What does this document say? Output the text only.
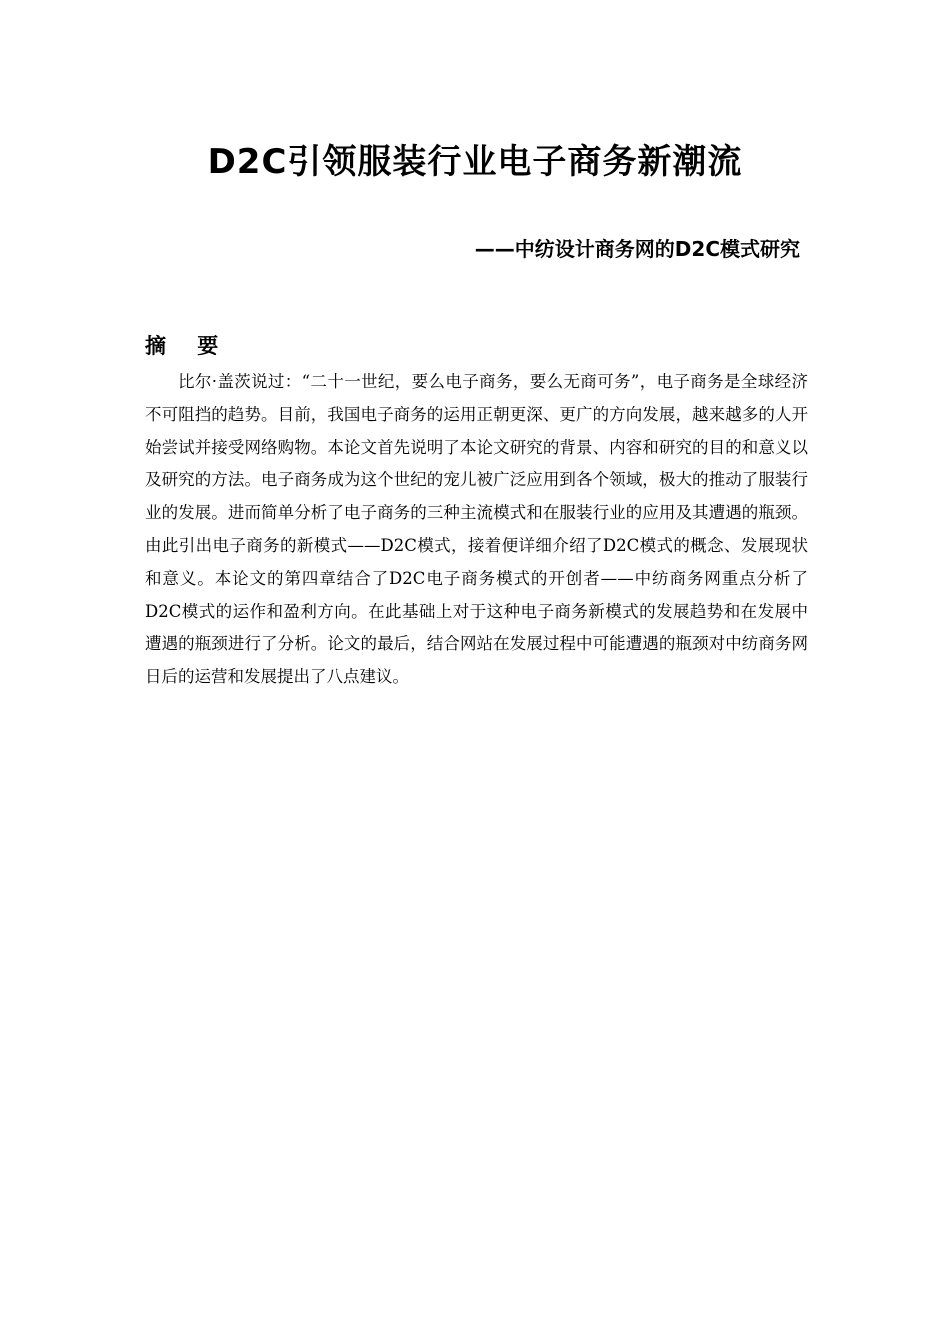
D2C引领服装行业电子商务新潮流
——中纺设计商务网的D2C模式研究
摘 要

比尔·盖茨说过：“二十一世纪，要么电子商务，要么无商可务”，电子商务是全球经济不可阻挡的趋势。目前，我国电子商务的运用正朝更深、更广的方向发展，越来越多的人开始尝试并接受网络购物。本论文首先说明了本论文研究的背景、内容和研究的目的和意义以及研究的方法。电子商务成为这个世纪的宠儿被广泛应用到各个领域，极大的推动了服装行业的发展。进而简单分析了电子商务的三种主流模式和在服装行业的应用及其遭遇的瓶颈。由此引出电子商务的新模式——D2C模式，接着便详细介绍了D2C模式的概念、发展现状和意义。本论文的第四章结合了D2C电子商务模式的开创者——中纺商务网重点分析了D2C模式的运作和盈利方向。在此基础上对于这种电子商务新模式的发展趋势和在发展中遭遇的瓶颈进行了分析。论文的最后，结合网站在发展过程中可能遭遇的瓶颈对中纺商务网日后的运营和发展提出了八点建议。
